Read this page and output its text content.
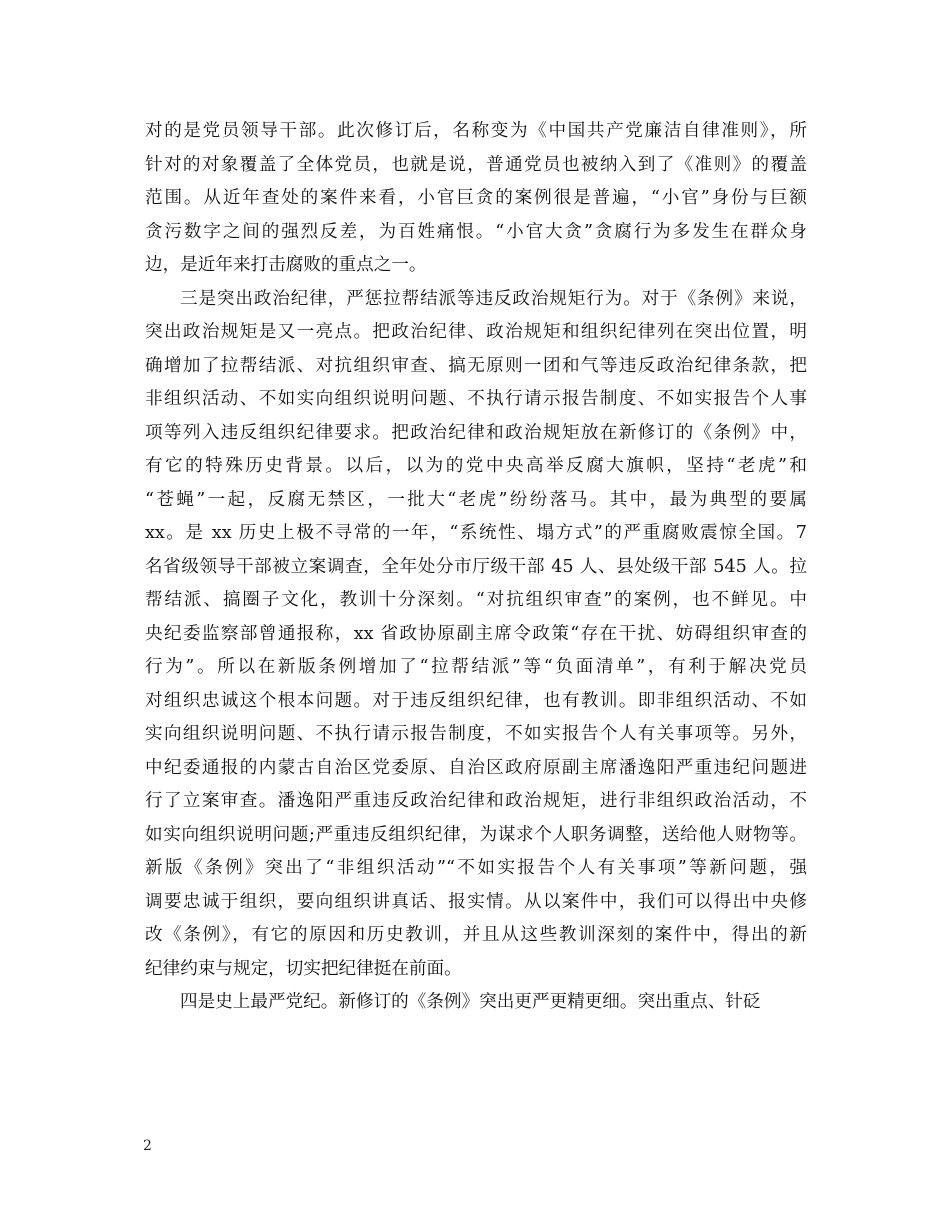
对的是党员领导干部。此次修订后，名称变为《中国共产党廉洁自律准则》，所
针对的对象覆盖了全体党员，也就是说，普通党员也被纳入到了《准则》的覆盖
范围。从近年查处的案件来看，小官巨贪的案例很是普遍，“小官”身份与巨额
贪污数字之间的强烈反差，为百姓痛恨。“小官大贪”贪腐行为多发生在群众身
边，是近年来打击腐败的重点之一。
三是突出政治纪律，严惩拉帮结派等违反政治规矩行为。对于《条例》来说，
突出政治规矩是又一亮点。把政治纪律、政治规矩和组织纪律列在突出位置，明
确增加了拉帮结派、对抗组织审查、搞无原则一团和气等违反政治纪律条款，把
非组织活动、不如实向组织说明问题、不执行请示报告制度、不如实报告个人事
项等列入违反组织纪律要求。把政治纪律和政治规矩放在新修订的《条例》中，
有它的特殊历史背景。以后，以为的党中央高举反腐大旗帜，坚持“老虎”和
“苍蝇”一起，反腐无禁区，一批大“老虎”纷纷落马。其中，最为典型的要属
xx。是 xx 历史上极不寻常的一年，“系统性、塌方式”的严重腐败震惊全国。7
名省级领导干部被立案调查，全年处分市厅级干部 45 人、县处级干部 545 人。拉
帮结派、搞圈子文化，教训十分深刻。“对抗组织审查”的案例，也不鲜见。中
央纪委监察部曾通报称，xx 省政协原副主席令政策“存在干扰、妨碍组织审查的
行为”。所以在新版条例增加了“拉帮结派”等“负面清单”，有利于解决党员
对组织忠诚这个根本问题。对于违反组织纪律，也有教训。即非组织活动、不如
实向组织说明问题、不执行请示报告制度，不如实报告个人有关事项等。另外，
中纪委通报的内蒙古自治区党委原、自治区政府原副主席潘逸阳严重违纪问题进
行了立案审查。潘逸阳严重违反政治纪律和政治规矩，进行非组织政治活动，不
如实向组织说明问题;严重违反组织纪律，为谋求个人职务调整，送给他人财物等。
新版《条例》突出了“非组织活动”“不如实报告个人有关事项”等新问题，强
调要忠诚于组织，要向组织讲真话、报实情。从以案件中，我们可以得出中央修
改《条例》，有它的原因和历史教训，并且从这些教训深刻的案件中，得出的新
纪律约束与规定，切实把纪律挺在前面。
四是史上最严党纪。新修订的《条例》突出更严更精更细。突出重点、针砭
2
